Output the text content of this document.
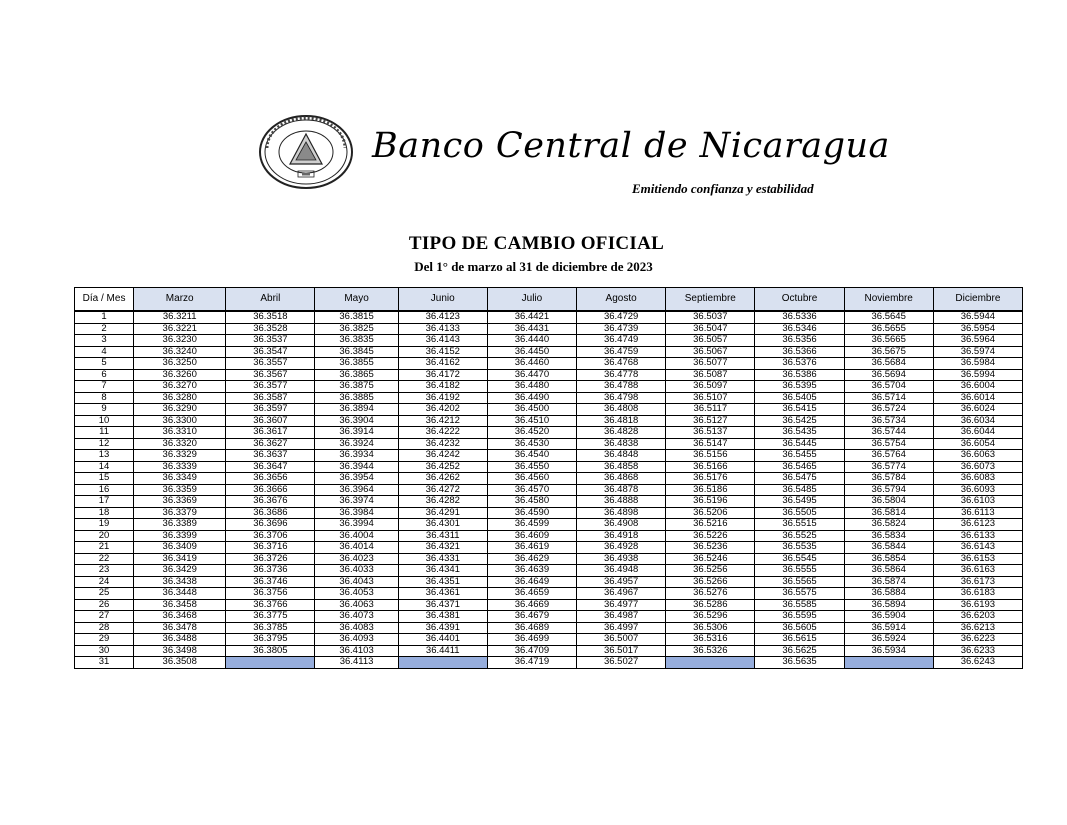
Banco Central de Nicaragua
Emitiendo confianza y estabilidad
TIPO DE CAMBIO OFICIAL
Del 1° de marzo al 31 de diciembre de 2023
Día / Mes	Marzo	Abril	Mayo	Junio	Julio	Agosto	Septiembre	Octubre	Noviembre	Diciembre
1	36.3211	36.3518	36.3815	36.4123	36.4421	36.4729	36.5037	36.5336	36.5645	36.5944
2	36.3221	36.3528	36.3825	36.4133	36.4431	36.4739	36.5047	36.5346	36.5655	36.5954
3	36.3230	36.3537	36.3835	36.4143	36.4440	36.4749	36.5057	36.5356	36.5665	36.5964
4	36.3240	36.3547	36.3845	36.4152	36.4450	36.4759	36.5067	36.5366	36.5675	36.5974
5	36.3250	36.3557	36.3855	36.4162	36.4460	36.4768	36.5077	36.5376	36.5684	36.5984
6	36.3260	36.3567	36.3865	36.4172	36.4470	36.4778	36.5087	36.5386	36.5694	36.5994
7	36.3270	36.3577	36.3875	36.4182	36.4480	36.4788	36.5097	36.5395	36.5704	36.6004
8	36.3280	36.3587	36.3885	36.4192	36.4490	36.4798	36.5107	36.5405	36.5714	36.6014
9	36.3290	36.3597	36.3894	36.4202	36.4500	36.4808	36.5117	36.5415	36.5724	36.6024
10	36.3300	36.3607	36.3904	36.4212	36.4510	36.4818	36.5127	36.5425	36.5734	36.6034
11	36.3310	36.3617	36.3914	36.4222	36.4520	36.4828	36.5137	36.5435	36.5744	36.6044
12	36.3320	36.3627	36.3924	36.4232	36.4530	36.4838	36.5147	36.5445	36.5754	36.6054
13	36.3329	36.3637	36.3934	36.4242	36.4540	36.4848	36.5156	36.5455	36.5764	36.6063
14	36.3339	36.3647	36.3944	36.4252	36.4550	36.4858	36.5166	36.5465	36.5774	36.6073
15	36.3349	36.3656	36.3954	36.4262	36.4560	36.4868	36.5176	36.5475	36.5784	36.6083
16	36.3359	36.3666	36.3964	36.4272	36.4570	36.4878	36.5186	36.5485	36.5794	36.6093
17	36.3369	36.3676	36.3974	36.4282	36.4580	36.4888	36.5196	36.5495	36.5804	36.6103
18	36.3379	36.3686	36.3984	36.4291	36.4590	36.4898	36.5206	36.5505	36.5814	36.6113
19	36.3389	36.3696	36.3994	36.4301	36.4599	36.4908	36.5216	36.5515	36.5824	36.6123
20	36.3399	36.3706	36.4004	36.4311	36.4609	36.4918	36.5226	36.5525	36.5834	36.6133
21	36.3409	36.3716	36.4014	36.4321	36.4619	36.4928	36.5236	36.5535	36.5844	36.6143
22	36.3419	36.3726	36.4023	36.4331	36.4629	36.4938	36.5246	36.5545	36.5854	36.6153
23	36.3429	36.3736	36.4033	36.4341	36.4639	36.4948	36.5256	36.5555	36.5864	36.6163
24	36.3438	36.3746	36.4043	36.4351	36.4649	36.4957	36.5266	36.5565	36.5874	36.6173
25	36.3448	36.3756	36.4053	36.4361	36.4659	36.4967	36.5276	36.5575	36.5884	36.6183
26	36.3458	36.3766	36.4063	36.4371	36.4669	36.4977	36.5286	36.5585	36.5894	36.6193
27	36.3468	36.3775	36.4073	36.4381	36.4679	36.4987	36.5296	36.5595	36.5904	36.6203
28	36.3478	36.3785	36.4083	36.4391	36.4689	36.4997	36.5306	36.5605	36.5914	36.6213
29	36.3488	36.3795	36.4093	36.4401	36.4699	36.5007	36.5316	36.5615	36.5924	36.6223
30	36.3498	36.3805	36.4103	36.4411	36.4709	36.5017	36.5326	36.5625	36.5934	36.6233
31	36.3508		36.4113		36.4719	36.5027		36.5635		36.6243
